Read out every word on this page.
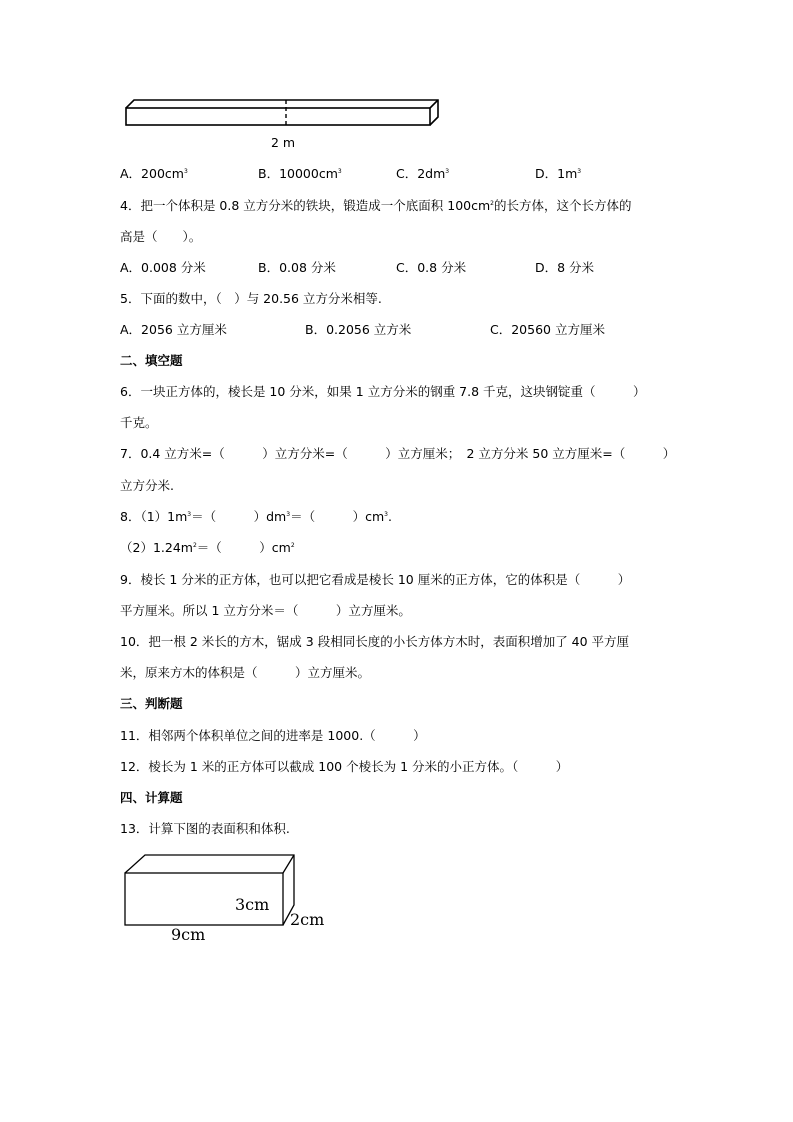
2 m
A．$200cm^3$	B．$10000cm^3$	C．$2dm^3$	D．$1m^3$
4．把一个体积是 0.8 立方分米的铁块，锻造成一个底面积 $100cm^2$的长方体，这个长方体的
高是（　　）。
A．0.008 分米	B．0.08 分米	C．0.8 分米	D．8 分米
5．下面的数中，（　）与 20.56 立方分米相等.
A．2056 立方厘米	B．0.2056 立方米	C．20560 立方厘米
二、填空题
6．一块正方体的，棱长是 10 分米，如果 1 立方分米的钢重 7.8 千克，这块钢锭重（　　　）
千克。
7．0.4 立方米=（　　　）立方分米=（　　　）立方厘米；　2 立方分米 50 立方厘米=（　　　）
立方分米.
8．$(1)1m^3=$（　　　）$dm^3=$（　　　）$cm^3$.
$(2)1.24m^2=$（　　　）$cm^2$
9．棱长 1 分米的正方体，也可以把它看成是棱长 10 厘米的正方体，它的体积是（　　　）
平方厘米。所以 1 立方分米＝（　　　）立方厘米。
10．把一根 2 米长的方木，锯成 3 段相同长度的小长方体方木时，表面积增加了 40 平方厘
米，原来方木的体积是（　　　）立方厘米。
三、判断题
11．相邻两个体积单位之间的进率是 1000.（　　　）
12．棱长为 1 米的正方体可以截成 100 个棱长为 1 分米的小正方体。（　　　）
四、计算题
13．计算下图的表面积和体积.
3cm
2cm
9cm
